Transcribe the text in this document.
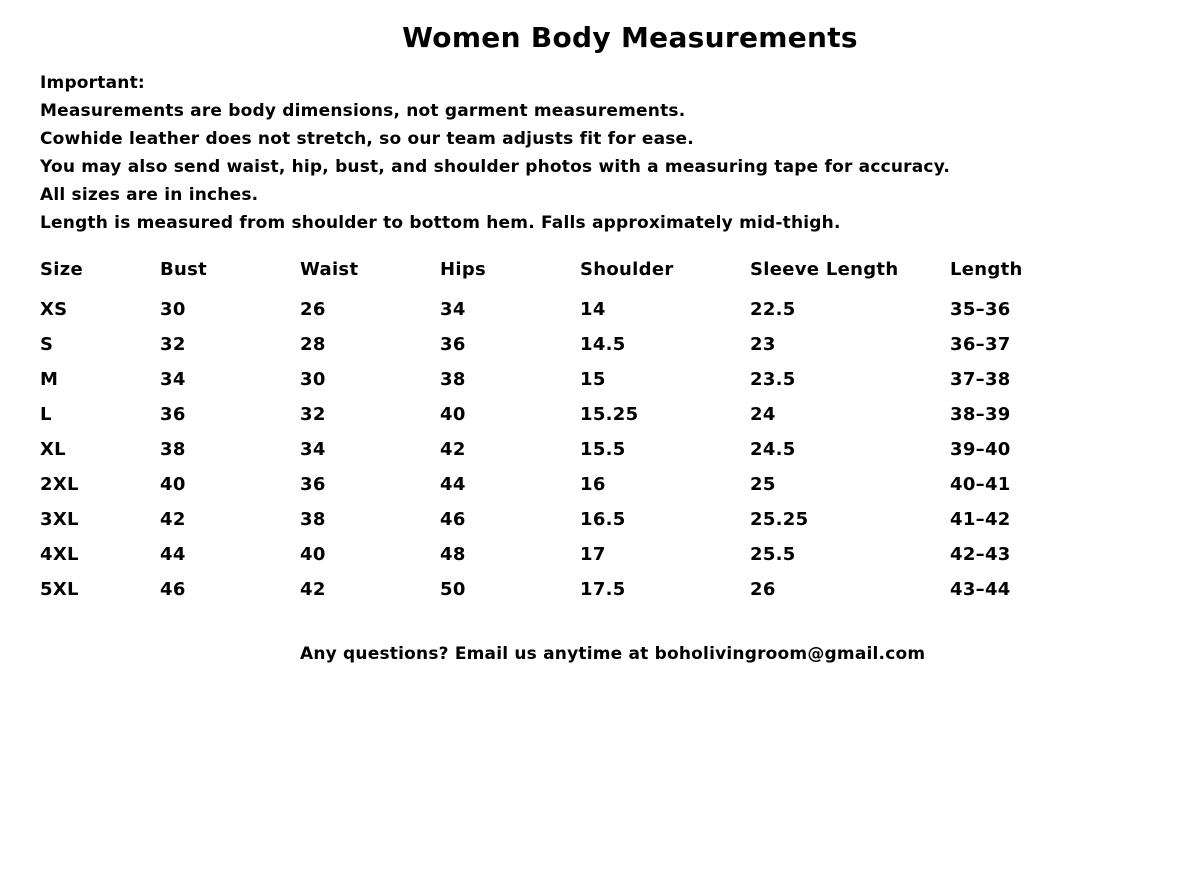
Women Body Measurements
Important:
Measurements are body dimensions, not garment measurements.
Cowhide leather does not stretch, so our team adjusts fit for ease.
You may also send waist, hip, bust, and shoulder photos with a measuring tape for accuracy.
All sizes are in inches.
Length is measured from shoulder to bottom hem. Falls approximately mid-thigh.
Size	Bust	Waist	Hips	Shoulder	Sleeve Length	Length
XS	30	26	34	14	22.5	35–36
S	32	28	36	14.5	23	36–37
M	34	30	38	15	23.5	37–38
L	36	32	40	15.25	24	38–39
XL	38	34	42	15.5	24.5	39–40
2XL	40	36	44	16	25	40–41
3XL	42	38	46	16.5	25.25	41–42
4XL	44	40	48	17	25.5	42–43
5XL	46	42	50	17.5	26	43–44
Any questions? Email us anytime at boholivingroom@gmail.com
